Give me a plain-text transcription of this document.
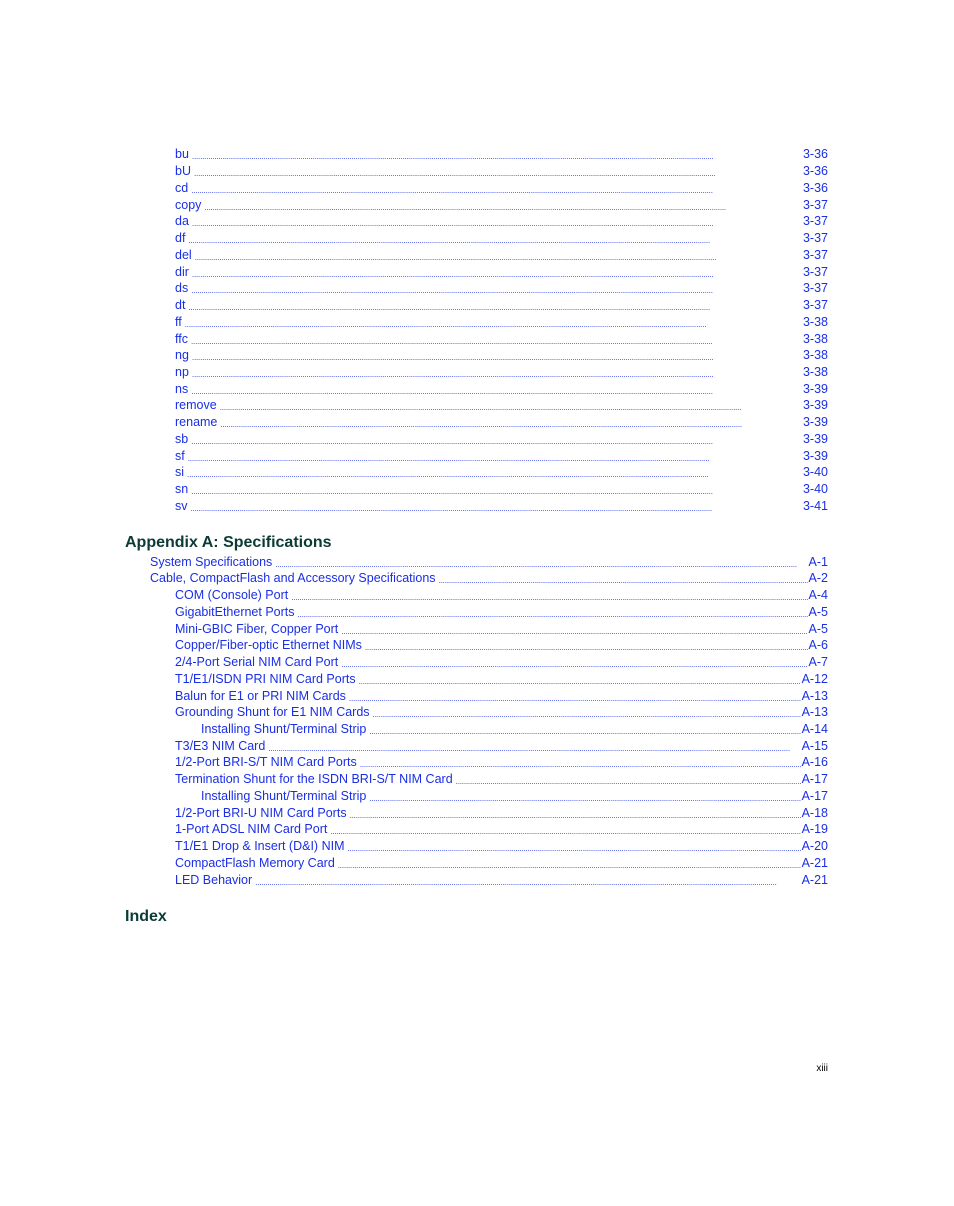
bu . . .	3-36
bU . . .	3-36
cd . . .	3-36
copy . . .	3-37
da . . .	3-37
df . . .	3-37
del . . .	3-37
dir . . .	3-37
ds . . .	3-37
dt . . .	3-37
ff . . .	3-38
ffc . . .	3-38
ng . . .	3-38
np . . .	3-38
ns . . .	3-39
remove . . .	3-39
rename . . .	3-39
sb . . .	3-39
sf . . .	3-39
si . . .	3-40
sn . . .	3-40
sv . . .	3-41
Appendix A: Specifications
System Specifications . . .	A-1
Cable, CompactFlash and Accessory Specifications . . .	A-2
COM (Console) Port . . .	A-4
GigabitEthernet Ports . . .	A-5
Mini-GBIC Fiber, Copper Port . . .	A-5
Copper/Fiber-optic Ethernet NIMs . . .	A-6
2/4-Port Serial NIM Card Port . . .	A-7
T1/E1/ISDN PRI NIM Card Ports . . .	A-12
Balun for E1 or PRI NIM Cards . . .	A-13
Grounding Shunt for E1 NIM Cards . . .	A-13
Installing Shunt/Terminal Strip . . .	A-14
T3/E3 NIM Card . . .	A-15
1/2-Port BRI-S/T NIM Card Ports . . .	A-16
Termination Shunt for the ISDN BRI-S/T NIM Card . . .	A-17
Installing Shunt/Terminal Strip . . .	A-17
1/2-Port BRI-U NIM Card Ports . . .	A-18
1-Port ADSL NIM Card Port . . .	A-19
T1/E1 Drop & Insert (D&I) NIM . . .	A-20
CompactFlash Memory Card . . .	A-21
LED Behavior . . .	A-21
Index
xiii
